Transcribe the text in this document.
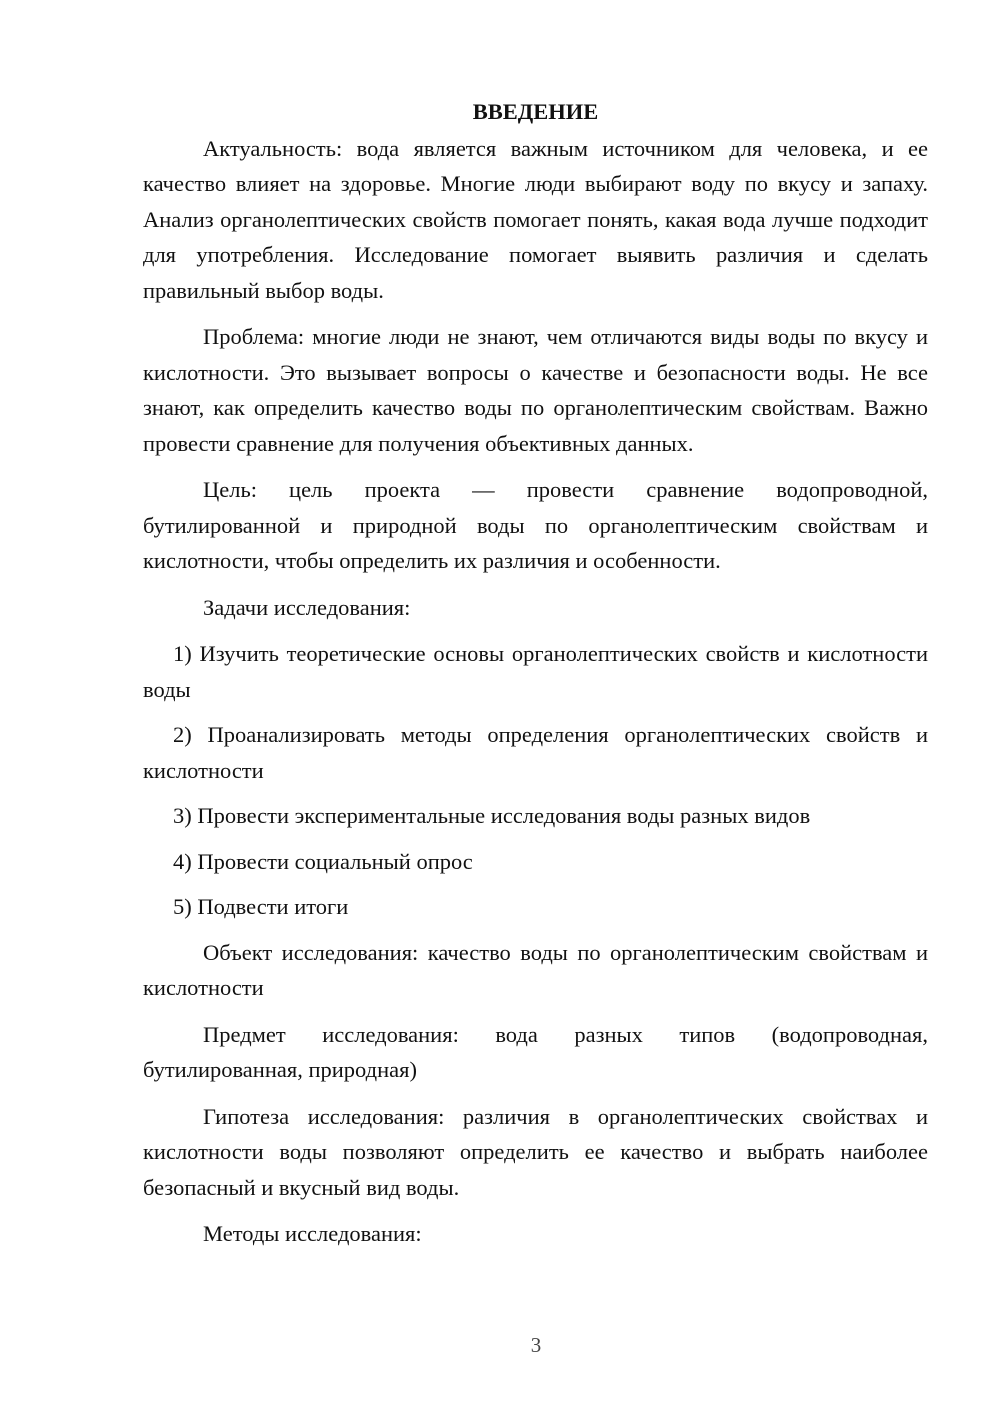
ВВЕДЕНИЕ

Актуальность: вода является важным источником для человека, и ее качество влияет на здоровье. Многие люди выбирают воду по вкусу и запаху. Анализ органолептических свойств помогает понять, какая вода лучше подходит для употребления. Исследование помогает выявить различия и сделать правильный выбор воды.

Проблема: многие люди не знают, чем отличаются виды воды по вкусу и кислотности. Это вызывает вопросы о качестве и безопасности воды. Не все знают, как определить качество воды по органолептическим свойствам. Важно провести сравнение для получения объективных данных.

Цель: цель проекта — провести сравнение водопроводной, бутилированной и природной воды по органолептическим свойствам и кислотности, чтобы определить их различия и особенности.

Задачи исследования:

1) Изучить теоретические основы органолептических свойств и кислотности воды

2) Проанализировать методы определения органолептических свойств и кислотности

3) Провести экспериментальные исследования воды разных видов

4) Провести социальный опрос

5) Подвести итоги

Объект исследования: качество воды по органолептическим свойствам и кислотности

Предмет исследования: вода разных типов (водопроводная, бутилированная, природная)

Гипотеза исследования: различия в органолептических свойствах и кислотности воды позволяют определить ее качество и выбрать наиболее безопасный и вкусный вид воды.

Методы исследования:

3
